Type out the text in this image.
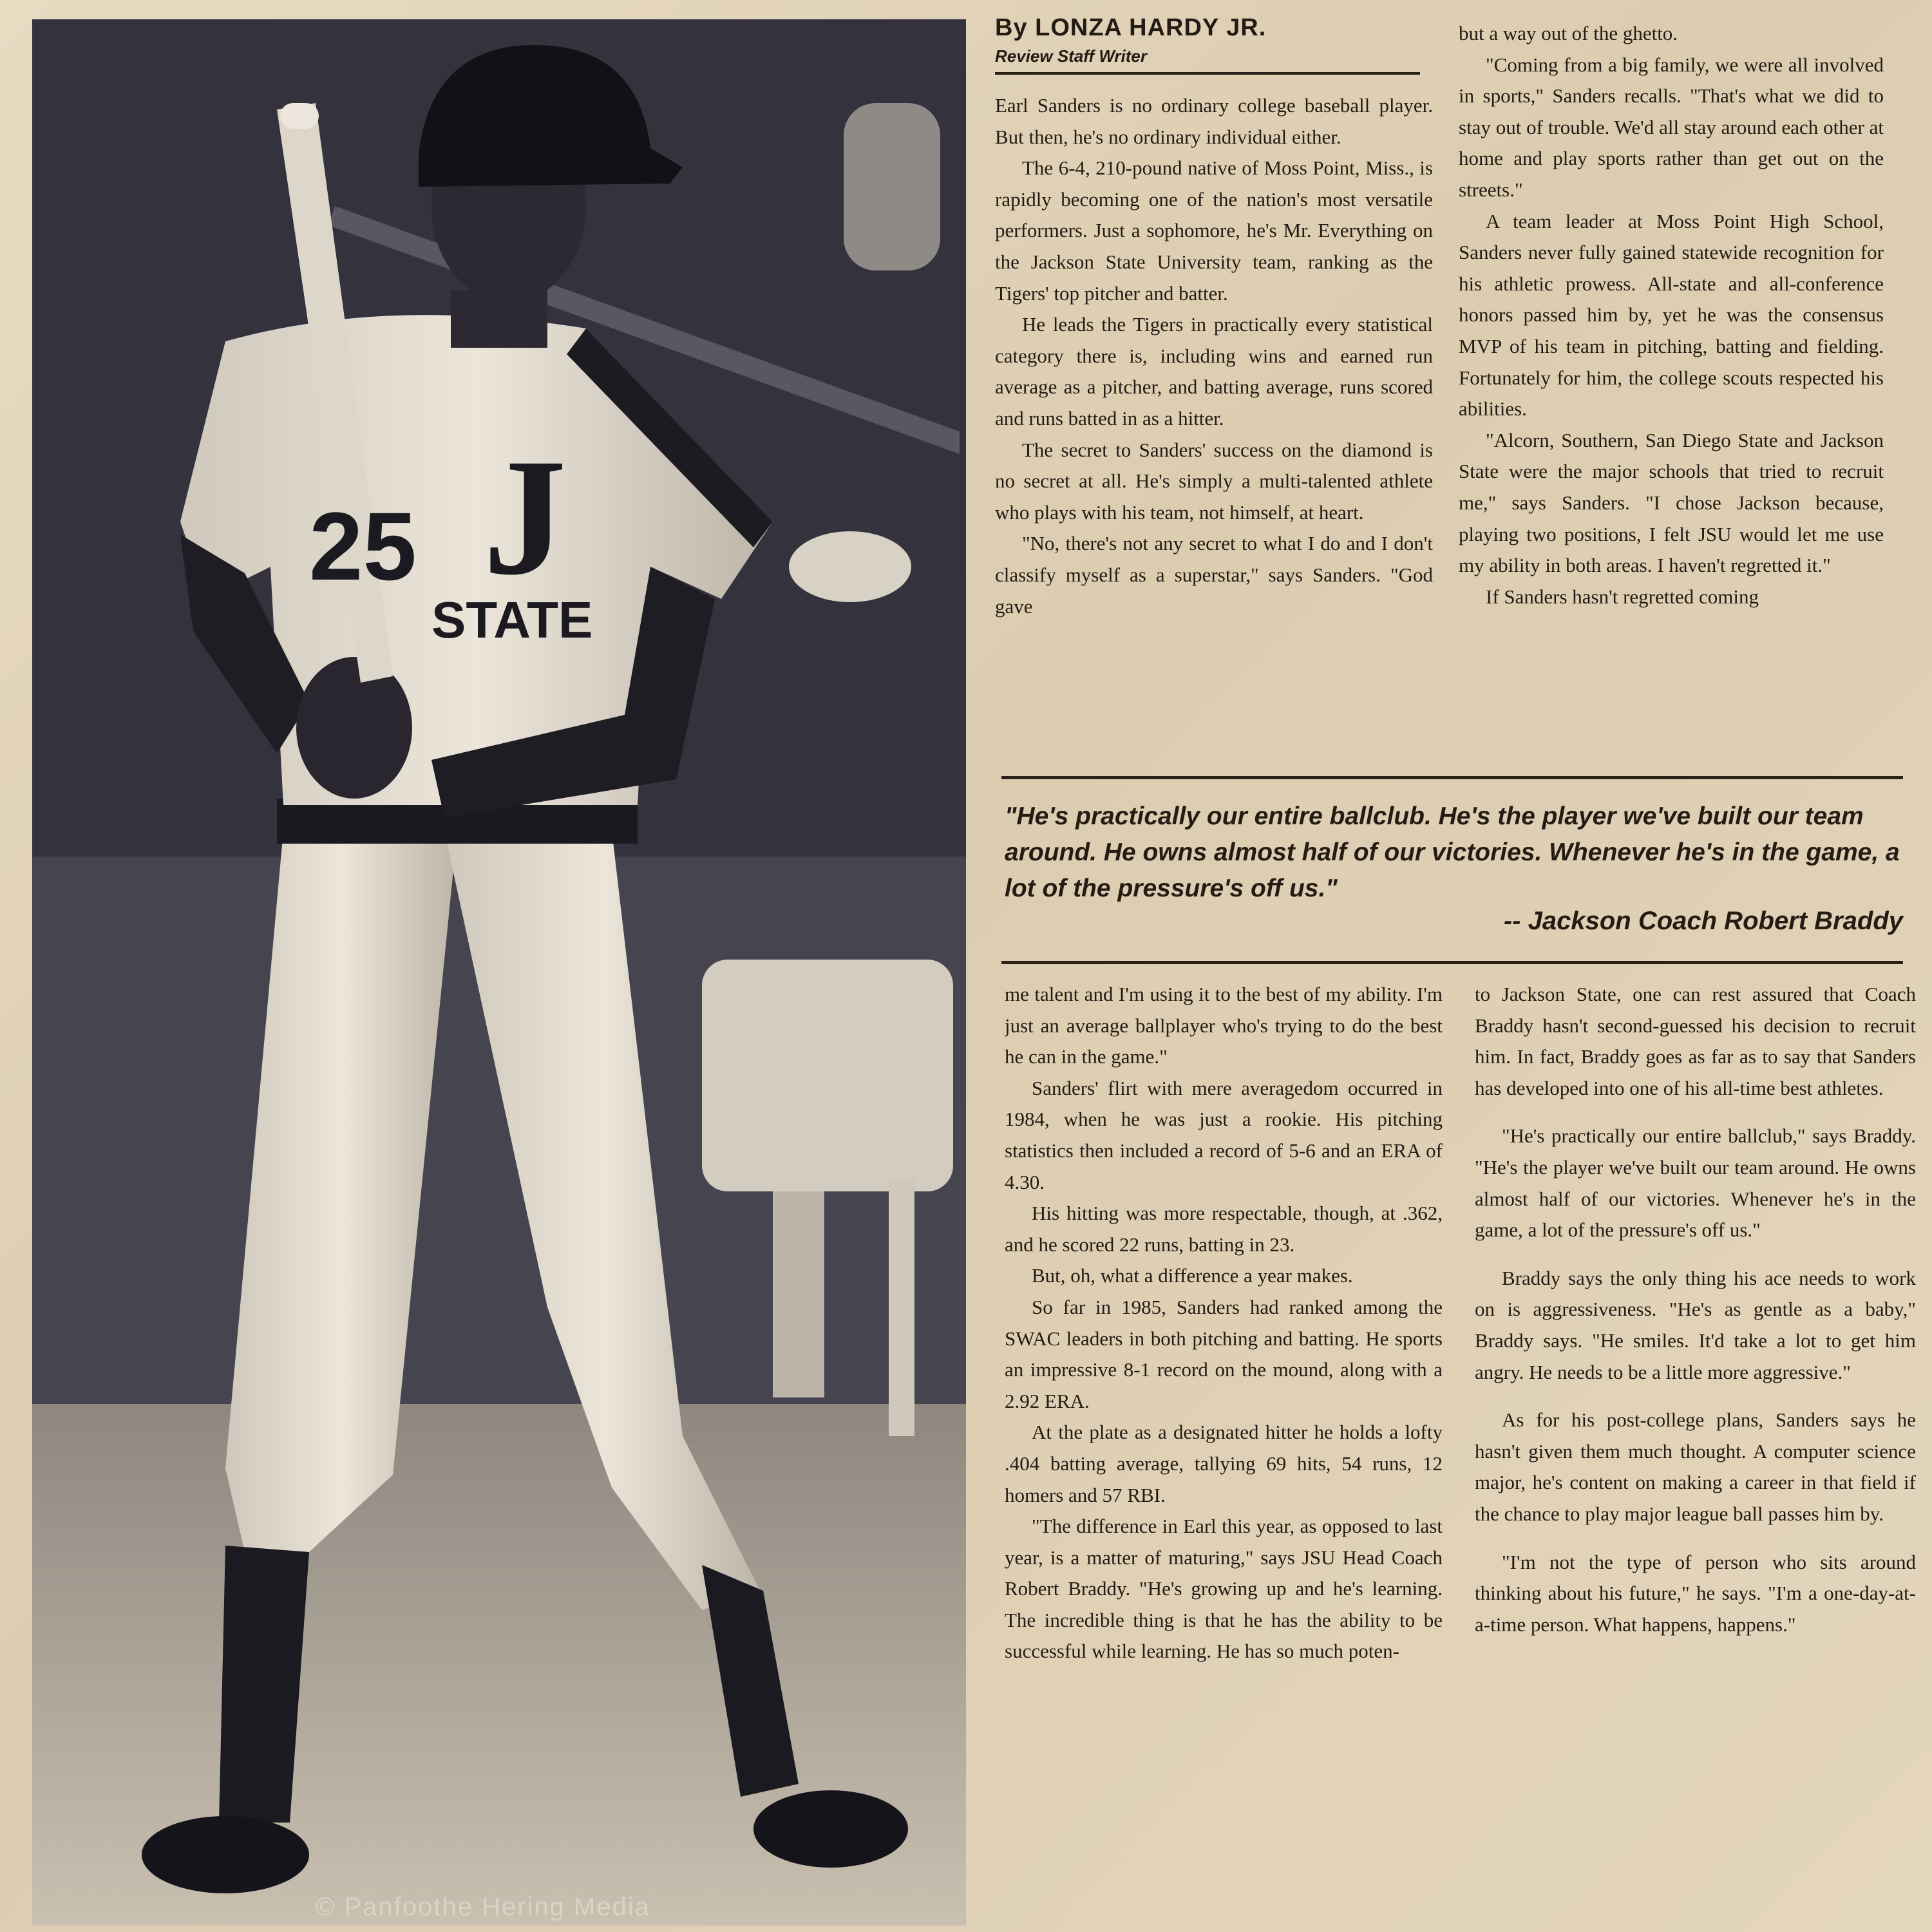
25 J
STATE
© Panfoothe Hering Media
By LONZA HARDY JR.
Review Staff Writer

Earl Sanders is no ordinary college baseball player. But then, he's no ordinary individual either.

The 6-4, 210-pound native of Moss Point, Miss., is rapidly becoming one of the nation's most versatile performers. Just a sophomore, he's Mr. Everything on the Jackson State University team, ranking as the Tigers' top pitcher and batter.

He leads the Tigers in practically every statistical category there is, including wins and earned run average as a pitcher, and batting average, runs scored and runs batted in as a hitter.

The secret to Sanders' success on the diamond is no secret at all. He's simply a multi-talented athlete who plays with his team, not himself, at heart.

"No, there's not any secret to what I do and I don't classify myself as a superstar," says Sanders. "God gave

but a way out of the ghetto.

"Coming from a big family, we were all involved in sports," Sanders recalls. "That's what we did to stay out of trouble. We'd all stay around each other at home and play sports rather than get out on the streets."

A team leader at Moss Point High School, Sanders never fully gained statewide recognition for his athletic prowess. All-state and all-conference honors passed him by, yet he was the consensus MVP of his team in pitching, batting and fielding. Fortunately for him, the college scouts respected his abilities.

"Alcorn, Southern, San Diego State and Jackson State were the major schools that tried to recruit me," says Sanders. "I chose Jackson because, playing two positions, I felt JSU would let me use my ability in both areas. I haven't regretted it."

If Sanders hasn't regretted coming

"He's practically our entire ballclub. He's the player we've built our team around. He owns almost half of our victories. Whenever he's in the game, a lot of the pressure's off us."
-- Jackson Coach Robert Braddy

me talent and I'm using it to the best of my ability. I'm just an average ballplayer who's trying to do the best he can in the game."

Sanders' flirt with mere averagedom occurred in 1984, when he was just a rookie. His pitching statistics then included a record of 5-6 and an ERA of 4.30.

His hitting was more respectable, though, at .362, and he scored 22 runs, batting in 23.

But, oh, what a difference a year makes.

So far in 1985, Sanders had ranked among the SWAC leaders in both pitching and batting. He sports an impressive 8-1 record on the mound, along with a 2.92 ERA.

At the plate as a designated hitter he holds a lofty .404 batting average, tallying 69 hits, 54 runs, 12 homers and 57 RBI.

"The difference in Earl this year, as opposed to last year, is a matter of maturing," says JSU Head Coach Robert Braddy. "He's growing up and he's learning. The incredible thing is that he has the ability to be successful while learning. He has so much poten-

to Jackson State, one can rest assured that Coach Braddy hasn't second-guessed his decision to recruit him. In fact, Braddy goes as far as to say that Sanders has developed into one of his all-time best athletes.

"He's practically our entire ballclub," says Braddy. "He's the player we've built our team around. He owns almost half of our victories. Whenever he's in the game, a lot of the pressure's off us."

Braddy says the only thing his ace needs to work on is aggressiveness. "He's as gentle as a baby," Braddy says. "He smiles. It'd take a lot to get him angry. He needs to be a little more aggressive."

As for his post-college plans, Sanders says he hasn't given them much thought. A computer science major, he's content on making a career in that field if the chance to play major league ball passes him by.

"I'm not the type of person who sits around thinking about his future," he says. "I'm a one-day-at-a-time person. What happens, happens."
